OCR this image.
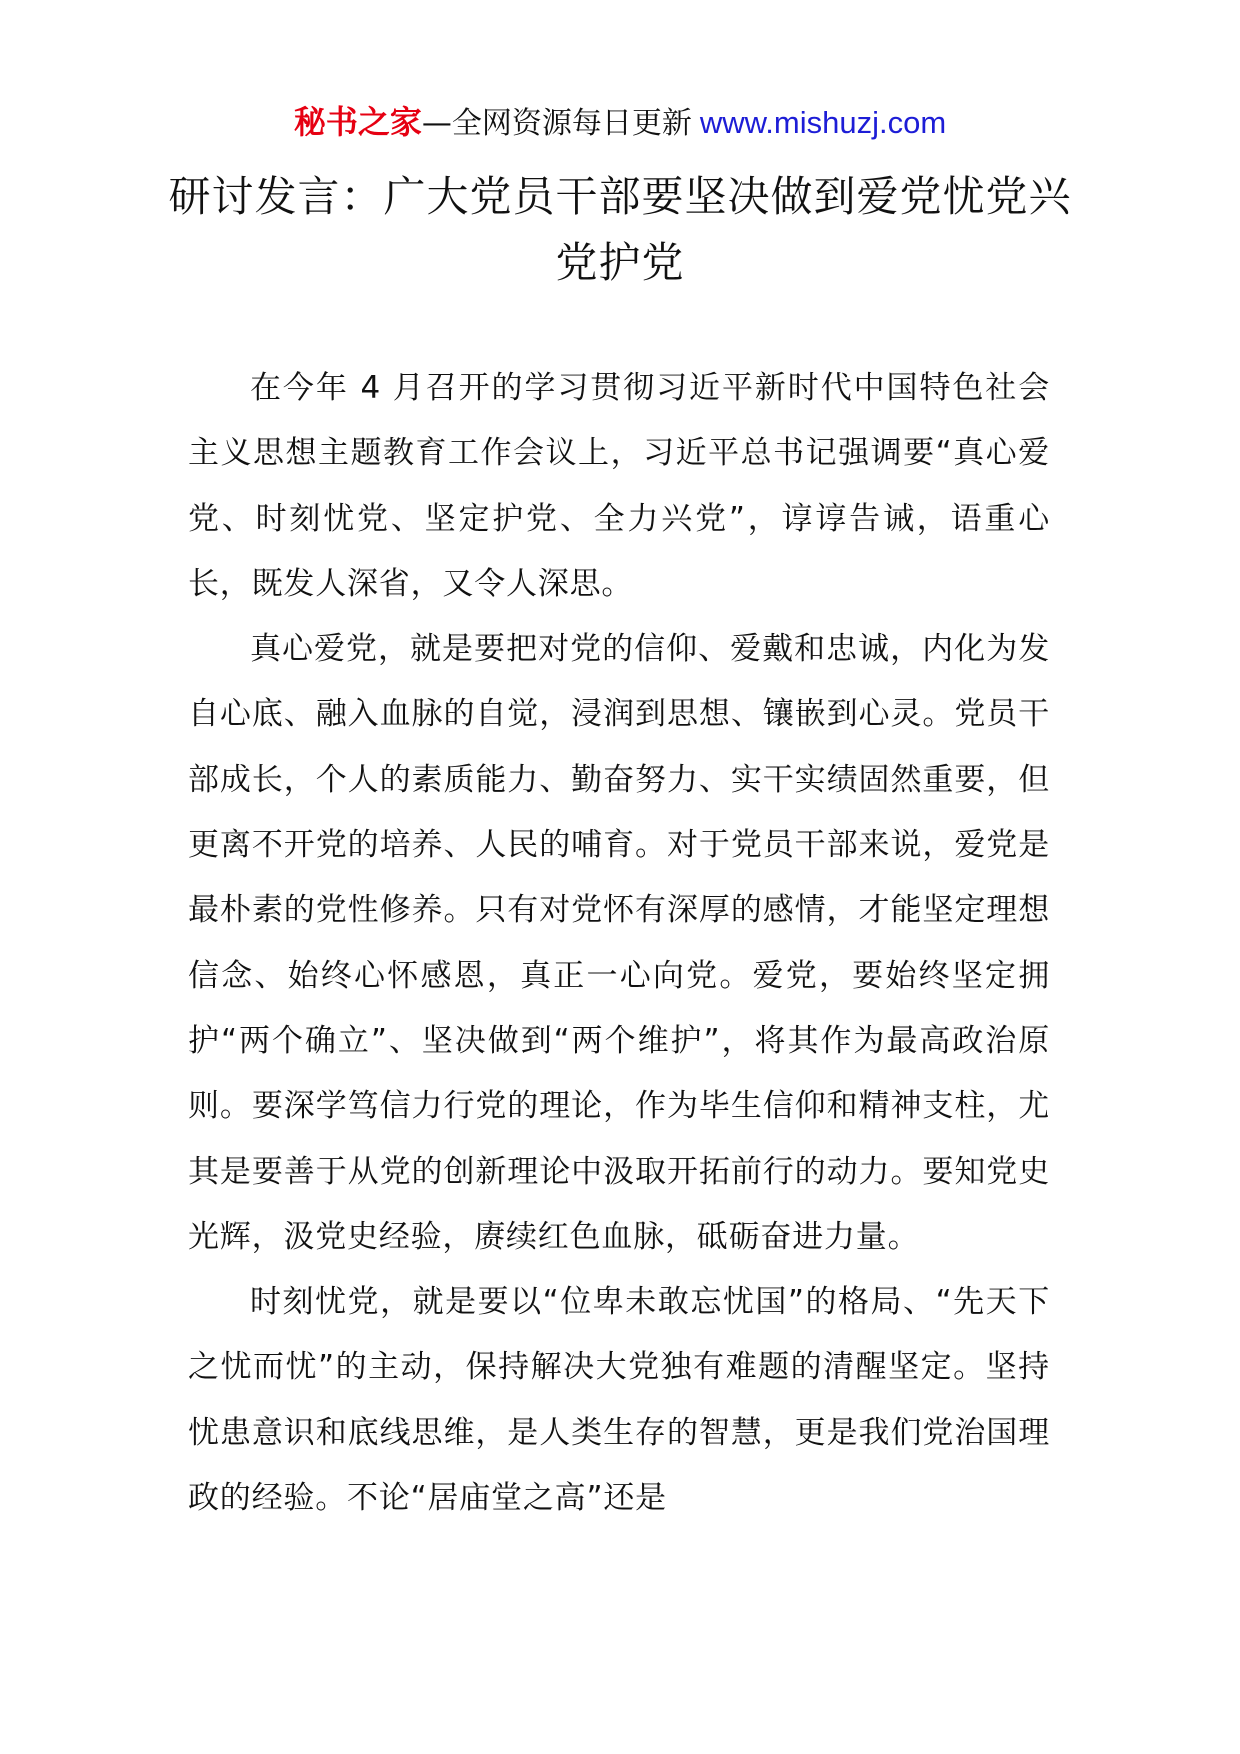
秘书之家—全网资源每日更新 www.mishuzj.com
研讨发言：广大党员干部要坚决做到爱党忧党兴党护党

在今年 4 月召开的学习贯彻习近平新时代中国特色社会主义思想主题教育工作会议上，习近平总书记强调要“真心爱党、时刻忧党、坚定护党、全力兴党”，谆谆告诫，语重心长，既发人深省，又令人深思。

真心爱党，就是要把对党的信仰、爱戴和忠诚，内化为发自心底、融入血脉的自觉，浸润到思想、镶嵌到心灵。党员干部成长，个人的素质能力、勤奋努力、实干实绩固然重要，但更离不开党的培养、人民的哺育。对于党员干部来说，爱党是最朴素的党性修养。只有对党怀有深厚的感情，才能坚定理想信念、始终心怀感恩，真正一心向党。爱党，要始终坚定拥护“两个确立”、坚决做到“两个维护”，将其作为最高政治原则。要深学笃信力行党的理论，作为毕生信仰和精神支柱，尤其是要善于从党的创新理论中汲取开拓前行的动力。要知党史光辉，汲党史经验，赓续红色血脉，砥砺奋进力量。

时刻忧党，就是要以“位卑未敢忘忧国”的格局、“先天下之忧而忧”的主动，保持解决大党独有难题的清醒坚定。坚持忧患意识和底线思维，是人类生存的智慧，更是我们党治国理政的经验。不论“居庙堂之高”还是
